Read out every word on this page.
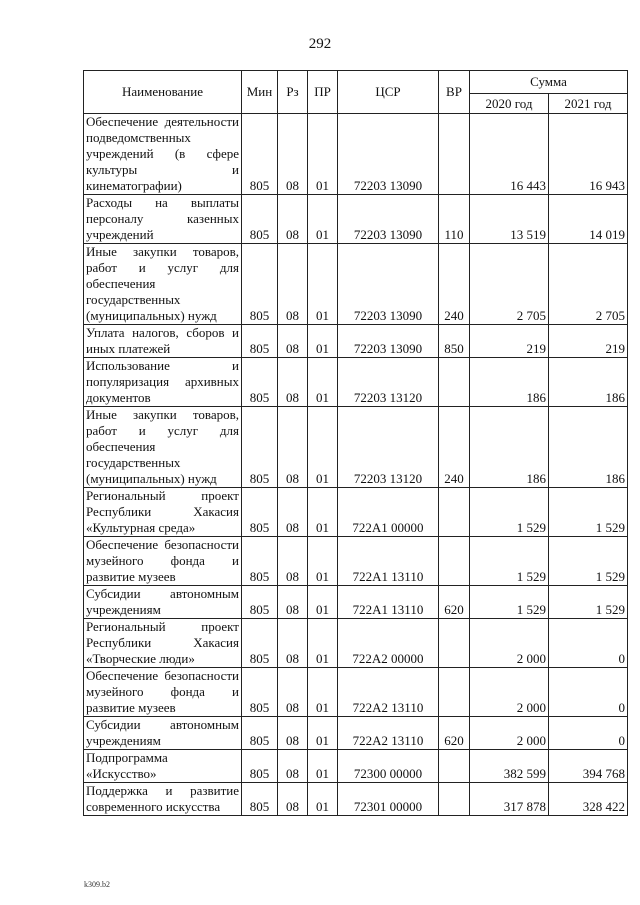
292
Наименование	Мин	Рз	ПР	ЦСР	ВР	Сумма	
						2020 год	2021 год
Обеспечение деятельности подведомственных учреждений (в сфере культуры и кинематографии)	805	08	01	72203 13090		16 443	16 943
Расходы на выплаты персоналу казенных учреждений	805	08	01	72203 13090	110	13 519	14 019
Иные закупки товаров, работ и услуг для обеспечения государственных (муниципальных) нужд	805	08	01	72203 13090	240	2 705	2 705
Уплата налогов, сборов и иных платежей	805	08	01	72203 13090	850	219	219
Использование и популяризация архивных документов	805	08	01	72203 13120		186	186
Иные закупки товаров, работ и услуг для обеспечения государственных (муниципальных) нужд	805	08	01	72203 13120	240	186	186
Региональный проект Республики Хакасия «Культурная среда»	805	08	01	722А1 00000		1 529	1 529
Обеспечение безопасности музейного фонда и развитие музеев	805	08	01	722А1 13110		1 529	1 529
Субсидии автономным учреждениям	805	08	01	722А1 13110	620	1 529	1 529
Региональный проект Республики Хакасия «Творческие люди»	805	08	01	722А2 00000		2 000	0
Обеспечение безопасности музейного фонда и развитие музеев	805	08	01	722А2 13110		2 000	0
Субсидии автономным учреждениям	805	08	01	722А2 13110	620	2 000	0
Подпрограмма «Искусство»	805	08	01	72300 00000		382 599	394 768
Поддержка и развитие современного искусства	805	08	01	72301 00000		317 878	328 422
k309.b2
